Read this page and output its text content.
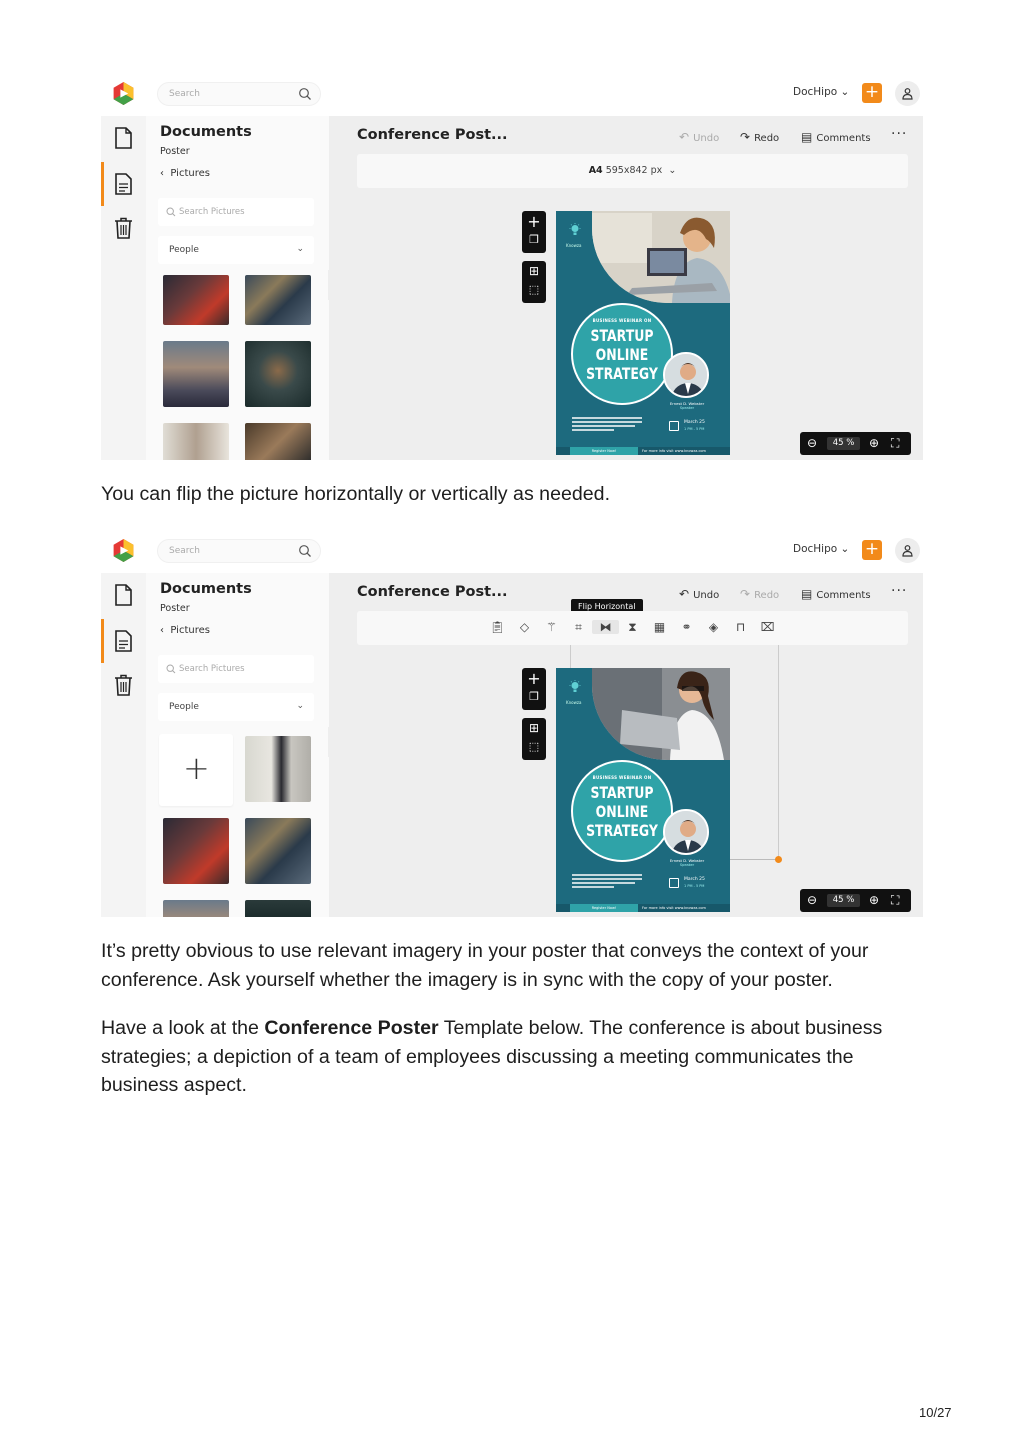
Search	DocHipo ⌄ +
Documents
Poster
‹  Pictures
Search Pictures
People	⌄
Conference Post...	↶ Undo ↷ Redo ▤ Comments ···
A4 595x842 px ⌄
+
❐
⊞
⬚
Knowza
BUSINESS WEBINAR ON
STARTUP
ONLINE
STRATEGY
Ernest D. Webster
Speaker
March 25
1 PM - 5 PM
Register Now!	For more info visit www.knowza.com
⊖	45 %	⊕ ⛶
You can flip the picture horizontally or vertically as needed.
Search	DocHipo ⌄ +
Documents
Poster
‹  Pictures
Search Pictures
People	⌄
+
Conference Post...	↶ Undo ↷ Redo ▤ Comments ···
Flip Horizontal
📋︎ ◇ ⚚ ⌗ ⧓ ⧗ ▦ ⚭ ◈ ⊓ ⌧
+
❐
⊞
⬚
Knowza
BUSINESS WEBINAR ON
STARTUP
ONLINE
STRATEGY
Ernest D. Webster
Speaker
March 25
1 PM - 5 PM
Register Now!	For more info visit www.knowza.com
⊖	45 %	⊕ ⛶
It’s pretty obvious to use relevant imagery in your poster that conveys the context of your conference. Ask yourself whether the imagery is in sync with the copy of your poster.
Have a look at the Conference Poster Template below. The conference is about business strategies; a depiction of a team of employees discussing a meeting communicates the business aspect.
10/27
